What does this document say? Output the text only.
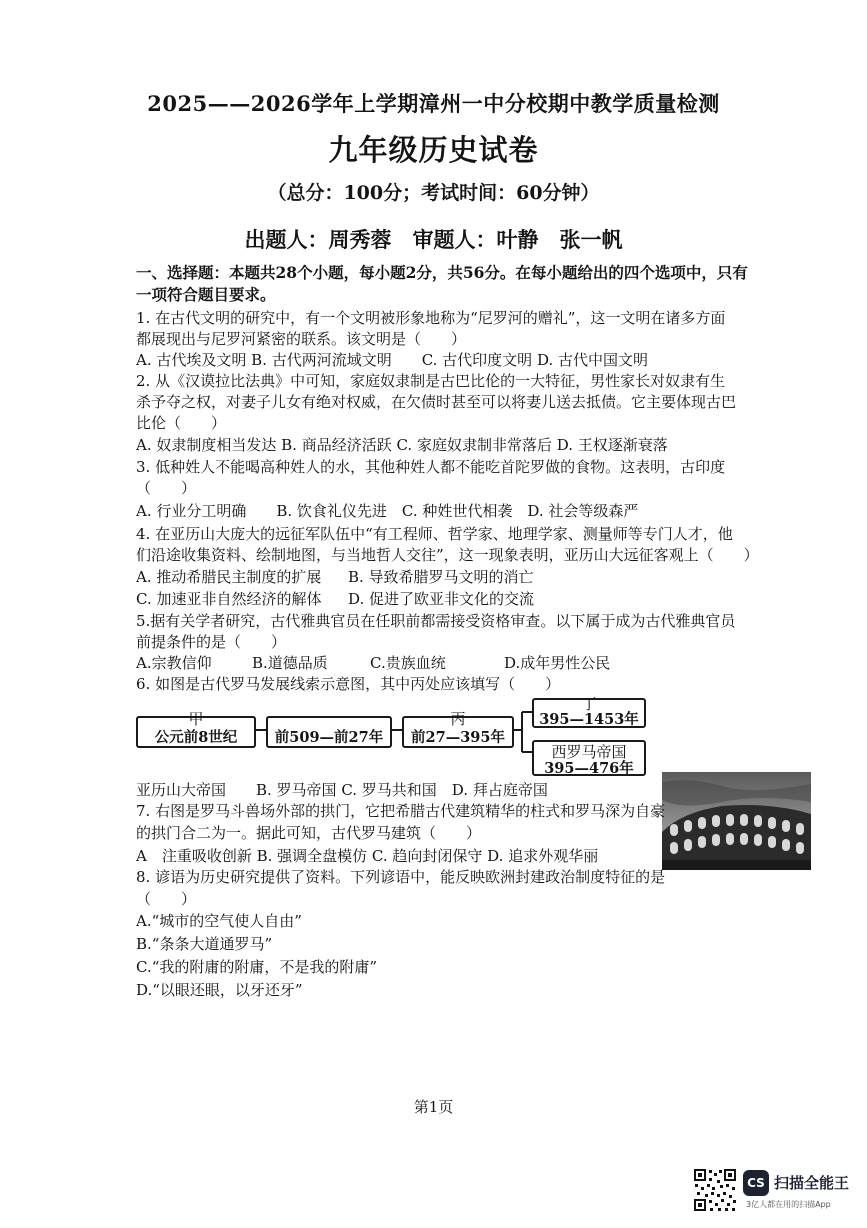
2025——2026学年上学期漳州一中分校期中教学质量检测
九年级历史试卷
（总分：100分；考试时间：60分钟）
出题人：周秀蓉　审题人：叶静　张一帆
一、选择题：本题共28个小题，每小题2分，共56分。在每小题给出的四个选项中，只有
一项符合题目要求。
1. 在古代文明的研究中，有一个文明被形象地称为“尼罗河的赠礼”，这一文明在诸多方面
都展现出与尼罗河紧密的联系。该文明是（　　）
A. 古代埃及文明 B. 古代两河流域文明　　C. 古代印度文明 D. 古代中国文明
2. 从《汉谟拉比法典》中可知，家庭奴隶制是古巴比伦的一大特征，男性家长对奴隶有生
杀予夺之权，对妻子儿女有绝对权威，在欠债时甚至可以将妻儿送去抵债。它主要体现古巴
比伦（　　）
A. 奴隶制度相当发达 B. 商品经济活跃 C. 家庭奴隶制非常落后 D. 王权逐渐衰落
3. 低种姓人不能喝高种姓人的水，其他种姓人都不能吃首陀罗做的食物。这表明，古印度
（　　）
A. 行业分工明确　　B. 饮食礼仪先进　C. 种姓世代相袭　D. 社会等级森严
4. 在亚历山大庞大的远征军队伍中“有工程师、哲学家、地理学家、测量师等专门人才，他
们沿途收集资料、绘制地图，与当地哲人交往”，这一现象表明，亚历山大远征客观上（　　）
A. 推动希腊民主制度的扩展 B. 导致希腊罗马文明的消亡
C. 加速亚非自然经济的解体 D. 促进了欧亚非文化的交流
5.据有关学者研究，古代雅典官员在任职前都需接受资格审查。以下属于成为古代雅典官员
前提条件的是（　　）
A.宗教信仰	B.道德品质	C.贵族血统	D.成年男性公民
6. 如图是古代罗马发展线索示意图，其中丙处应该填写（　　）
甲
公元前8世纪	前509—前27年
丙
前27—395年
丁
395—1453年
西罗马帝国
395—476年
亚历山大帝国　　B. 罗马帝国 C. 罗马共和国　D. 拜占庭帝国
7. 右图是罗马斗兽场外部的拱门，它把希腊古代建筑精华的柱式和罗马深为自豪
的拱门合二为一。据此可知，古代罗马建筑（　　）
A　注重吸收创新 B. 强调全盘模仿 C. 趋向封闭保守 D. 追求外观华丽
8. 谚语为历史研究提供了资料。下列谚语中，能反映欧洲封建政治制度特征的是
（　　）
A.“城市的空气使人自由”
B.“条条大道通罗马”
C.“我的附庸的附庸，不是我的附庸”
D.“以眼还眼，以牙还牙”
第1页
CS 扫描全能王
3亿人都在用的扫描App
